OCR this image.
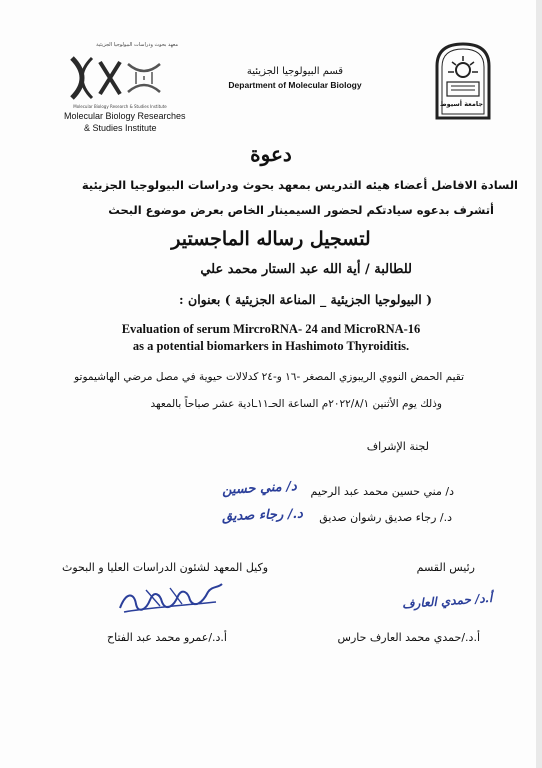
معهد بحوث ودراسات البيولوجيا الجزيئية
Molecular Biology Research & Studies Institute
Molecular Biology Researches
& Studies Institute
قسم البيولوجيا الجزيئية
Department of Molecular Biology
جامعة أسيوط
دعوة
السادة الافاضل أعضاء هيئه التدريس بمعهد بحوث ودراسات البيولوجيا الجزيئية
أتشرف بدعوه سيادتكم لحضور السيمينار الخاص بعرض موضوع البحث
لتسجيل رساله الماجستير
للطالبة / أية الله عبد الستار محمد علي
( البيولوجيا الجزيئية _ المناعة الجزيئية ) بعنوان :
Evaluation of serum MircroRNA- 24 and MicroRNA-16
as a potential biomarkers in Hashimoto Thyroiditis.
تقيم الحمض النووي الريبوزي المصغر -١٦ و-٢٤ كدلالات حيوية في مصل مرضي الهاشيموتو
وذلك يوم الأثنين ٢٠٢٢/٨/١م الساعة الحـ١١ـادية عشر صباحاً بالمعهد
لجنة الإشراف
د/ مني حسين محمد عبد الرحيم
د/ مني حسين
د./ رجاء صديق رشوان صديق
د./ رجاء صديق
رئيس القسم
وكيل المعهد لشئون الدراسات العليا و البحوث
أ.د/ حمدي العارف
أ.د./حمدي محمد العارف حارس
أ.د./عمرو محمد عبد الفتاح
